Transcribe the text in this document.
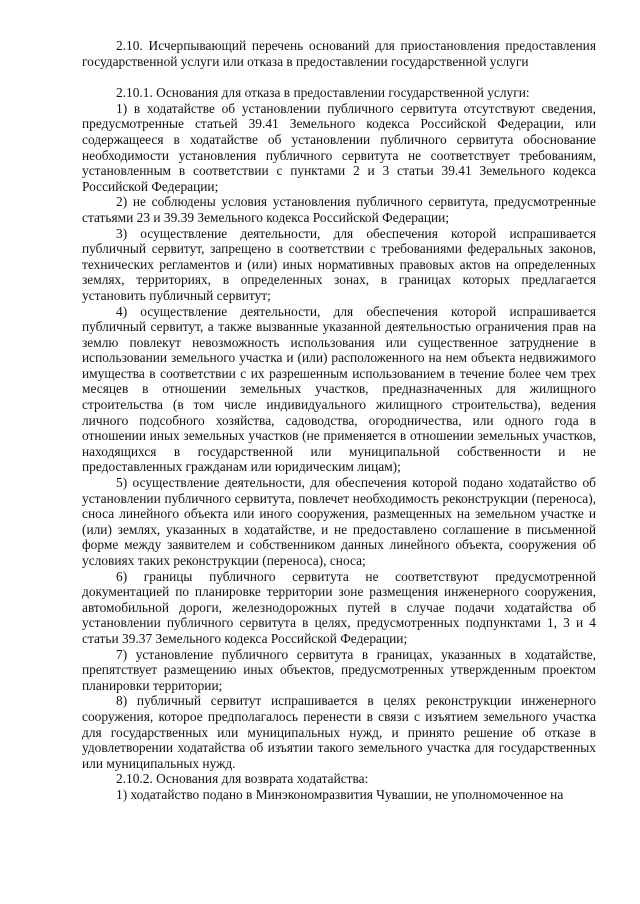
2.10. Исчерпывающий перечень оснований для приостановления предоставления государственной услуги или отказа в предоставлении государственной услуги

2.10.1. Основания для отказа в предоставлении государственной услуги:

1) в ходатайстве об установлении публичного сервитута отсутствуют сведения, предусмотренные статьей 39.41 Земельного кодекса Российской Федерации, или содержащееся в ходатайстве об установлении публичного сервитута обоснование необходимости установления публичного сервитута не соответствует требованиям, установленным в соответствии с пунктами 2 и 3 статьи 39.41 Земельного кодекса Российской Федерации;

2) не соблюдены условия установления публичного сервитута, предусмотренные статьями 23 и 39.39 Земельного кодекса Российской Федерации;

3) осуществление деятельности, для обеспечения которой испрашивается публичный сервитут, запрещено в соответствии с требованиями федеральных законов, технических регламентов и (или) иных нормативных правовых актов на определенных землях, территориях, в определенных зонах, в границах которых предлагается установить публичный сервитут;

4) осуществление деятельности, для обеспечения которой испрашивается публичный сервитут, а также вызванные указанной деятельностью ограничения прав на землю повлекут невозможность использования или существенное затруднение в использовании земельного участка и (или) расположенного на нем объекта недвижимого имущества в соответствии с их разрешенным использованием в течение более чем трех месяцев в отношении земельных участков, предназначенных для жилищного строительства (в том числе индивидуального жилищного строительства), ведения личного подсобного хозяйства, садоводства, огородничества, или одного года в отношении иных земельных участков (не применяется в отношении земельных участков, находящихся в государственной или муниципальной собственности и не предоставленных гражданам или юридическим лицам);

5) осуществление деятельности, для обеспечения которой подано ходатайство об установлении публичного сервитута, повлечет необходимость реконструкции (переноса), сноса линейного объекта или иного сооружения, размещенных на земельном участке и (или) землях, указанных в ходатайстве, и не предоставлено соглашение в письменной форме между заявителем и собственником данных линейного объекта, сооружения об условиях таких реконструкции (переноса), сноса;

6) границы публичного сервитута не соответствуют предусмотренной документацией по планировке территории зоне размещения инженерного сооружения, автомобильной дороги, железнодорожных путей в случае подачи ходатайства об установлении публичного сервитута в целях, предусмотренных подпунктами 1, 3 и 4 статьи 39.37 Земельного кодекса Российской Федерации;

7) установление публичного сервитута в границах, указанных в ходатайстве, препятствует размещению иных объектов, предусмотренных утвержденным проектом планировки территории;

8) публичный сервитут испрашивается в целях реконструкции инженерного сооружения, которое предполагалось перенести в связи с изъятием земельного участка для государственных или муниципальных нужд, и принято решение об отказе в удовлетворении ходатайства об изъятии такого земельного участка для государственных или муниципальных нужд.

2.10.2. Основания для возврата ходатайства:

1) ходатайство подано в Минэкономразвития Чувашии, не уполномоченное на
